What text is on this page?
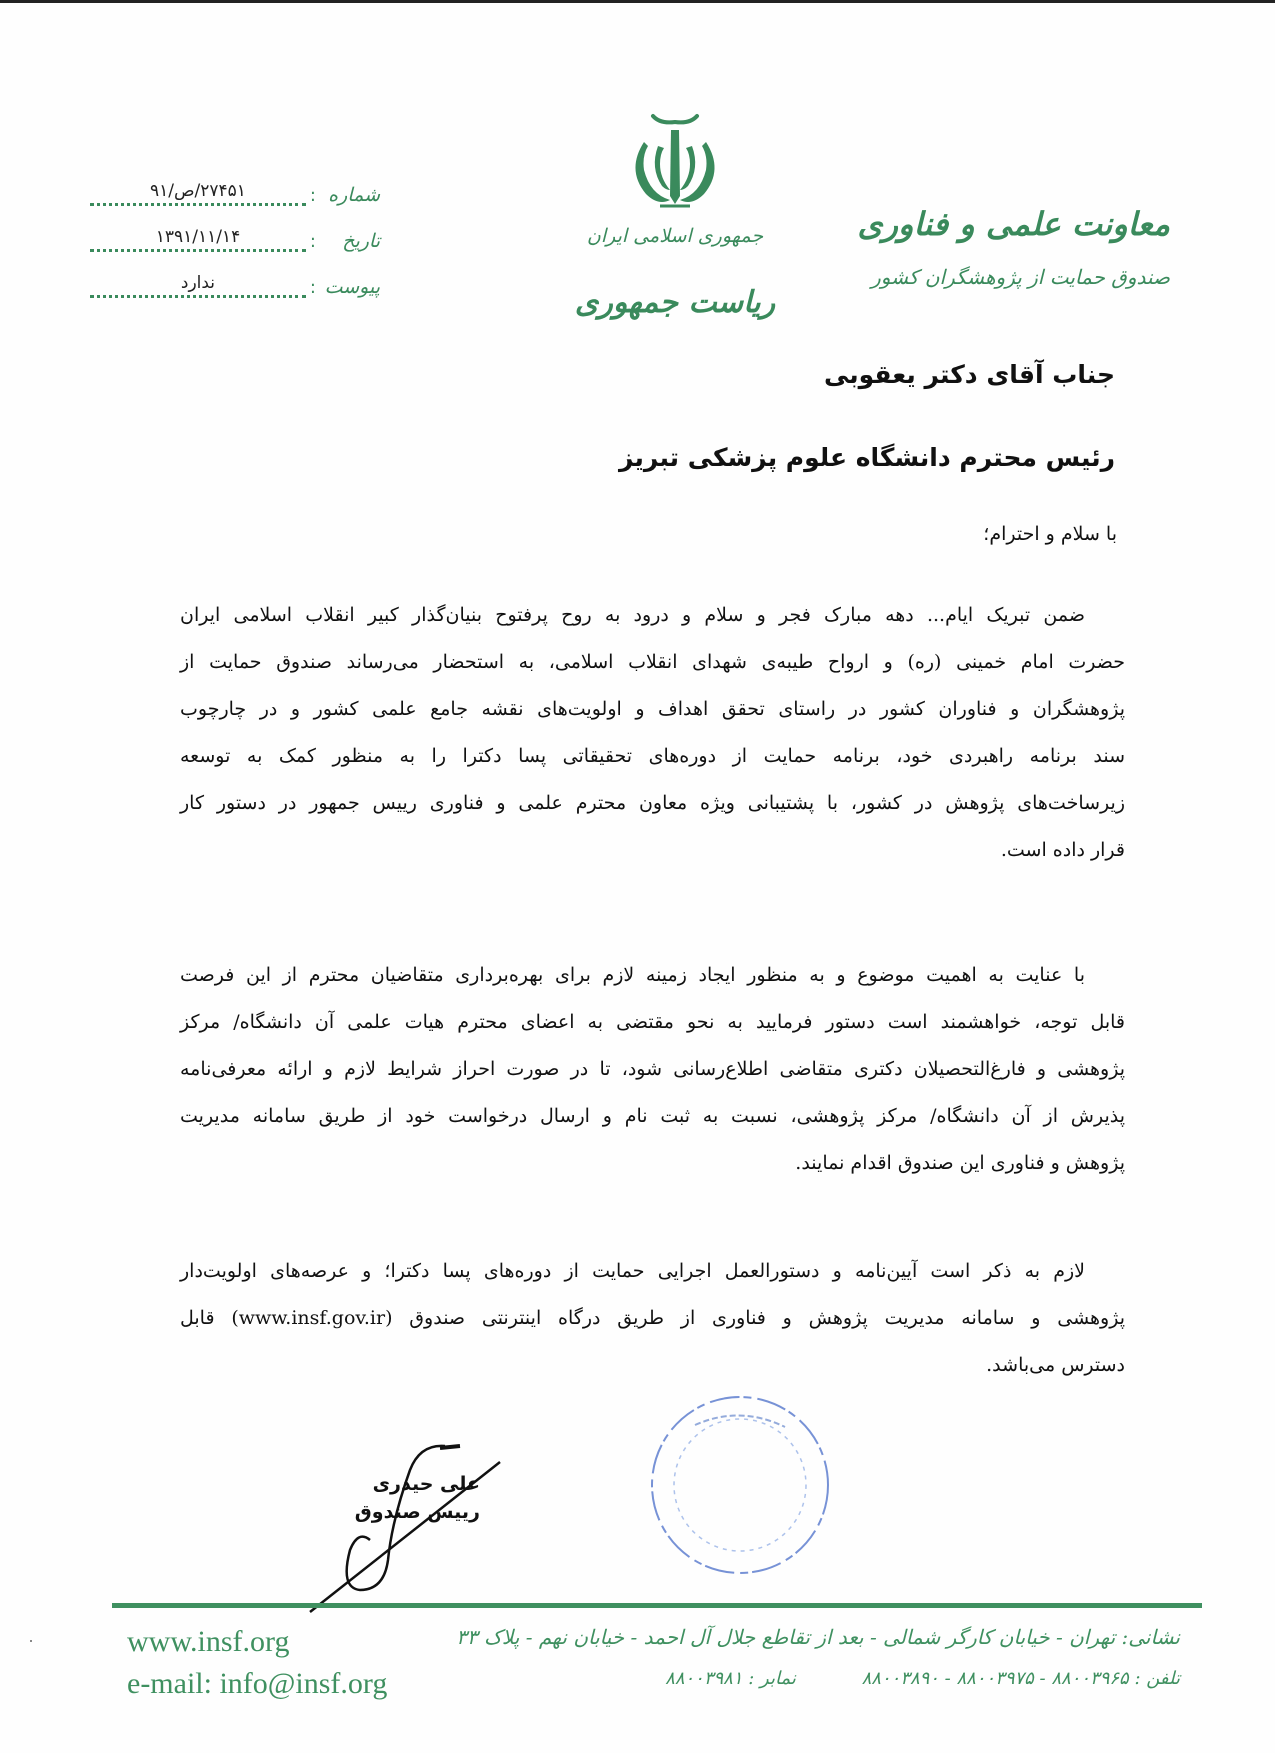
شماره
:
۲۷۴۵۱/ص/۹۱
تاریخ
:
۱۳۹۱/۱۱/۱۴
پیوست
:
ندارد
جمهوری اسلامی ایران
ریاست جمهوری
معاونت علمی و فناوری
صندوق حمایت از پژوهشگران کشور
جناب آقای دکتر یعقوبی
رئیس محترم دانشگاه علوم پزشکی تبریز
با سلام و احترام؛
ضمن تبریک ایام... دهه مبارک فجر و سلام و درود به روح پرفتوح بنیان‌گذار کبیر انقلاب اسلامی ایران
حضرت امام خمینی (ره) و ارواح طیبه‌ی شهدای انقلاب اسلامی، به استحضار می‌رساند صندوق حمایت از
پژوهشگران و فناوران کشور در راستای تحقق اهداف و اولویت‌های نقشه جامع علمی کشور و در چارچوب
سند برنامه راهبردی خود، برنامه حمایت از دوره‌های تحقیقاتی پسا دکترا را به منظور کمک به توسعه
زیرساخت‌های پژوهش در کشور، با پشتیبانی ویژه معاون محترم علمی و فناوری رییس جمهور در دستور کار
قرار داده است.
با عنایت به اهمیت موضوع و به منظور ایجاد زمینه لازم برای بهره‌برداری متقاضیان محترم از این فرصت
قابل توجه، خواهشمند است دستور فرمایید به نحو مقتضی به اعضای محترم هیات علمی آن دانشگاه/ مرکز
پژوهشی و فارغ‌التحصیلان دکتری متقاضی اطلاع‌رسانی شود، تا در صورت احراز شرایط لازم و ارائه معرفی‌نامه
پذیرش از آن دانشگاه/ مرکز پژوهشی، نسبت به ثبت نام و ارسال درخواست خود از طریق سامانه مدیریت
پژوهش و فناوری این صندوق اقدام نمایند.
لازم به ذکر است آیین‌نامه و دستورالعمل اجرایی حمایت از دوره‌های پسا دکترا؛ و عرصه‌های اولویت‌دار
پژوهشی و سامانه مدیریت پژوهش و فناوری از طریق درگاه اینترنتی صندوق (www.insf.gov.ir) قابل
دسترس می‌باشد.
علی حیدری
رییس صندوق
www.insf.org
e-mail: info@insf.org
نشانی: تهران - خیابان کارگر شمالی - بعد از تقاطع جلال آل احمد - خیابان نهم - پلاک ۳۳
تلفن : ۸۸۰۰۳۹۶۵ - ۸۸۰۰۳۹۷۵ - ۸۸۰۰۳۸۹۰ نمابر : ۸۸۰۰۳۹۸۱
